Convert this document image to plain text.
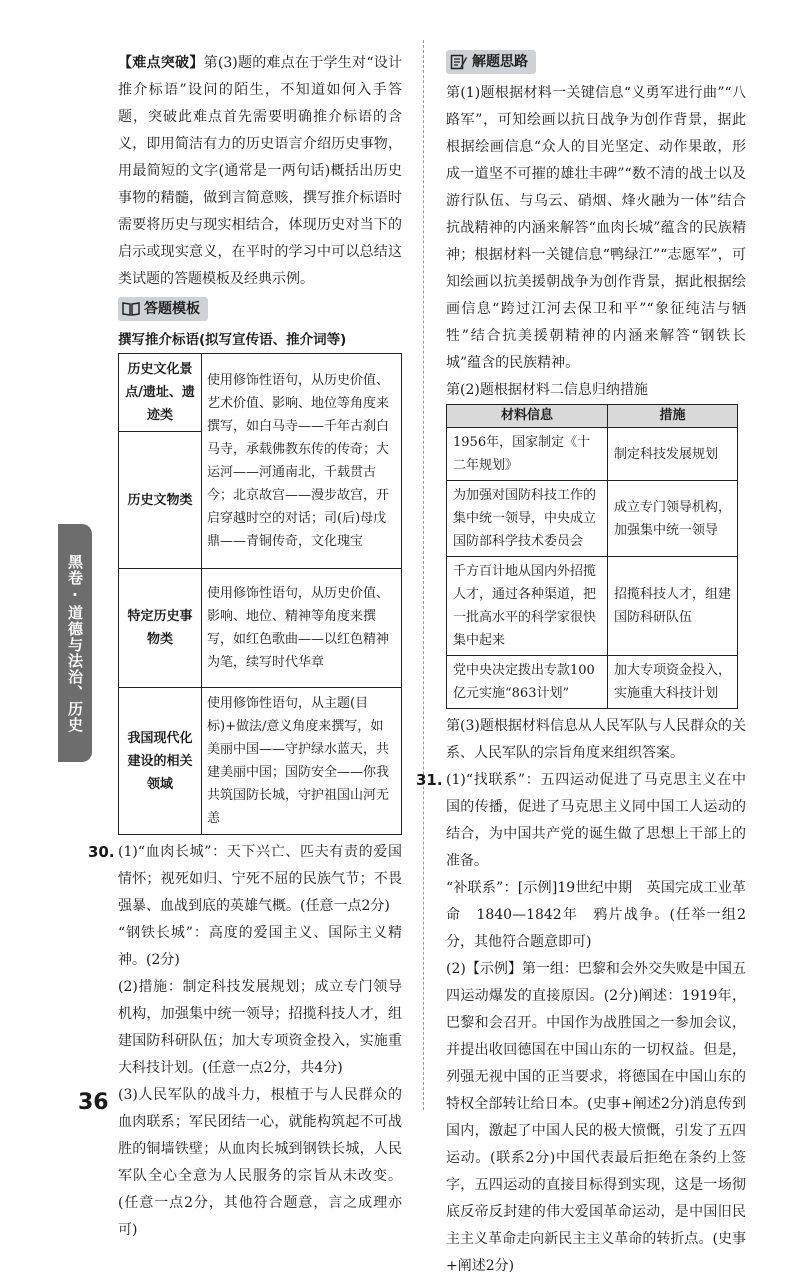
黑卷·道德与法治、历史

【难点突破】第(3)题的难点在于学生对“设计推介标语”设问的陌生，不知道如何入手答题，突破此难点首先需要明确推介标语的含义，即用简洁有力的历史语言介绍历史事物，用最简短的文字(通常是一两句话)概括出历史事物的精髓，做到言简意赅，撰写推介标语时需要将历史与现实相结合，体现历史对当下的启示或现实意义，在平时的学习中可以总结这类试题的答题模板及经典示例。

答题模板
撰写推介标语(拟写宣传语、推介词等)
历史文化景点/遗址、遗迹类	使用修饰性语句，从历史价值、艺术价值、影响、地位等角度来撰写，如白马寺——千年古刹白马寺，承载佛教东传的传奇；大运河——河通南北，千载贯古今；北京故宫——漫步故宫，开启穿越时空的对话；司(后)母戊鼎——青铜传奇，文化瑰宝
历史文物类	
特定历史事物类	使用修饰性语句，从历史价值、影响、地位、精神等角度来撰写，如红色歌曲——以红色精神为笔，续写时代华章
我国现代化建设的相关领域	使用修饰性语句，从主题(目标)+做法/意义角度来撰写，如美丽中国——守护绿水蓝天，共建美丽中国；国防安全——你我共筑国防长城，守护祖国山河无恙
30. (1)“血肉长城”：天下兴亡、匹夫有责的爱国情怀；视死如归、宁死不屈的民族气节；不畏强暴、血战到底的英雄气概。(任意一点2分)

“钢铁长城”：高度的爱国主义、国际主义精神。(2分)

(2)措施：制定科技发展规划；成立专门领导机构，加强集中统一领导；招揽科技人才，组建国防科研队伍；加大专项资金投入，实施重大科技计划。(任意一点2分，共4分)

(3)人民军队的战斗力，根植于与人民群众的血肉联系；军民团结一心，就能构筑起不可战胜的铜墙铁壁；从血肉长城到钢铁长城，人民军队全心全意为人民服务的宗旨从未改变。(任意一点2分，其他符合题意，言之成理亦可)

解题思路

第(1)题根据材料一关键信息“义勇军进行曲”“八路军”，可知绘画以抗日战争为创作背景，据此根据绘画信息“众人的目光坚定、动作果敢，形成一道坚不可摧的雄壮丰碑”“数不清的战士以及游行队伍、与乌云、硝烟、烽火融为一体”结合抗战精神的内涵来解答“血肉长城”蕴含的民族精神；根据材料一关键信息“鸭绿江”“志愿军”，可知绘画以抗美援朝战争为创作背景，据此根据绘画信息“跨过江河去保卫和平”“象征纯洁与牺牲”结合抗美援朝精神的内涵来解答“钢铁长城”蕴含的民族精神。

第(2)题根据材料二信息归纳措施

材料信息	措施
1956年，国家制定《十二年规划》	制定科技发展规划
为加强对国防科技工作的集中统一领导，中央成立国防部科学技术委员会	成立专门领导机构，加强集中统一领导
千方百计地从国内外招揽人才，通过各种渠道，把一批高水平的科学家很快集中起来	招揽科技人才，组建国防科研队伍
党中央决定拨出专款100亿元实施“863计划”	加大专项资金投入，实施重大科技计划

第(3)题根据材料信息从人民军队与人民群众的关系、人民军队的宗旨角度来组织答案。

31. (1)“找联系”：五四运动促进了马克思主义在中国的传播，促进了马克思主义同中国工人运动的结合，为中国共产党的诞生做了思想上干部上的准备。

“补联系”：[示例]19世纪中期　英国完成工业革命　1840—1842年　鸦片战争。(任举一组2分，其他符合题意即可)

(2)【示例】第一组：巴黎和会外交失败是中国五四运动爆发的直接原因。(2分)阐述：1919年，巴黎和会召开。中国作为战胜国之一参加会议，并提出收回德国在中国山东的一切权益。但是，列强无视中国的正当要求，将德国在中国山东的特权全部转让给日本。(史事+阐述2分)消息传到国内，激起了中国人民的极大愤慨，引发了五四运动。(联系2分)中国代表最后拒绝在条约上签字，五四运动的直接目标得到实现，这是一场彻底反帝反封建的伟大爱国革命运动，是中国旧民主主义革命走向新民主主义革命的转折点。(史事+阐述2分)

36
